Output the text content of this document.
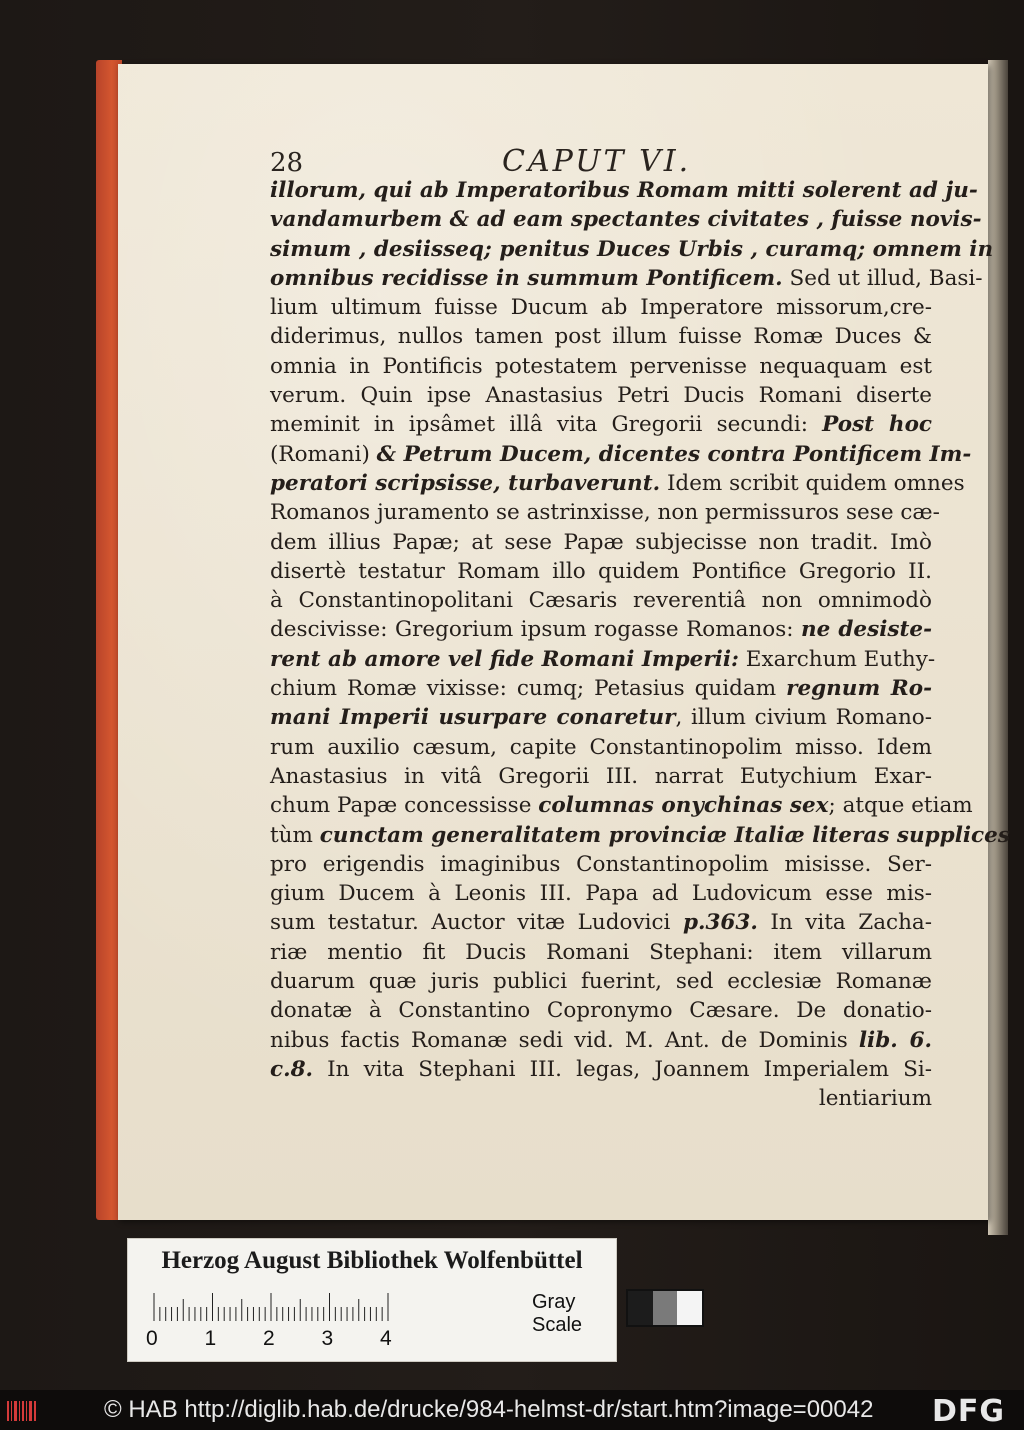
28	CAPUT VI.
illorum, qui ab Imperatoribus Romam mitti solerent ad ju-
vandamurbem & ad eam spectantes civitates , fuisse novis-
simum , desiisseq; penitus Duces Urbis , curamq; omnem in
omnibus recidisse in summum Pontificem. Sed ut illud, Basi-
lium ultimum fuisse Ducum ab Imperatore missorum,cre-
diderimus, nullos tamen post illum fuisse Romæ Duces &
omnia in Pontificis potestatem pervenisse nequaquam est
verum. Quin ipse Anastasius Petri Ducis Romani diserte
meminit in ipsâmet illâ vita Gregorii secundi: Post hoc
(Romani) & Petrum Ducem, dicentes contra Pontificem Im-
peratori scripsisse, turbaverunt. Idem scribit quidem omnes
Romanos juramento se astrinxisse, non permissuros sese cæ-
dem illius Papæ; at sese Papæ subjecisse non tradit. Imò
disertè testatur Romam illo quidem Pontifice Gregorio II.
à Constantinopolitani Cæsaris reverentiâ non omnimodò
descivisse: Gregorium ipsum rogasse Romanos: ne desiste-
rent ab amore vel fide Romani Imperii: Exarchum Euthy-
chium Romæ vixisse: cumq; Petasius quidam regnum Ro-
mani Imperii usurpare conaretur, illum civium Romano-
rum auxilio cæsum, capite Constantinopolim misso. Idem
Anastasius in vitâ Gregorii III. narrat Eutychium Exar-
chum Papæ concessisse columnas onychinas sex; atque etiam
tùm cunctam generalitatem provinciæ Italiæ literas supplices
pro erigendis imaginibus Constantinopolim misisse. Ser-
gium Ducem à Leonis III. Papa ad Ludovicum esse mis-
sum testatur. Auctor vitæ Ludovici p.363. In vita Zacha-
riæ mentio fit Ducis Romani Stephani: item villarum
duarum quæ juris publici fuerint, sed ecclesiæ Romanæ
donatæ à Constantino Copronymo Cæsare. De donatio-
nibus factis Romanæ sedi vid. M. Ant. de Dominis lib. 6.
c.8. In vita Stephani III. legas, Joannem Imperialem Si-
lentiarium
Herzog August Bibliothek Wolfenbüttel
0 1 2 3 4
Gray Scale
© HAB http://diglib.hab.de/drucke/984-helmst-dr/start.htm?image=00042 DFG
